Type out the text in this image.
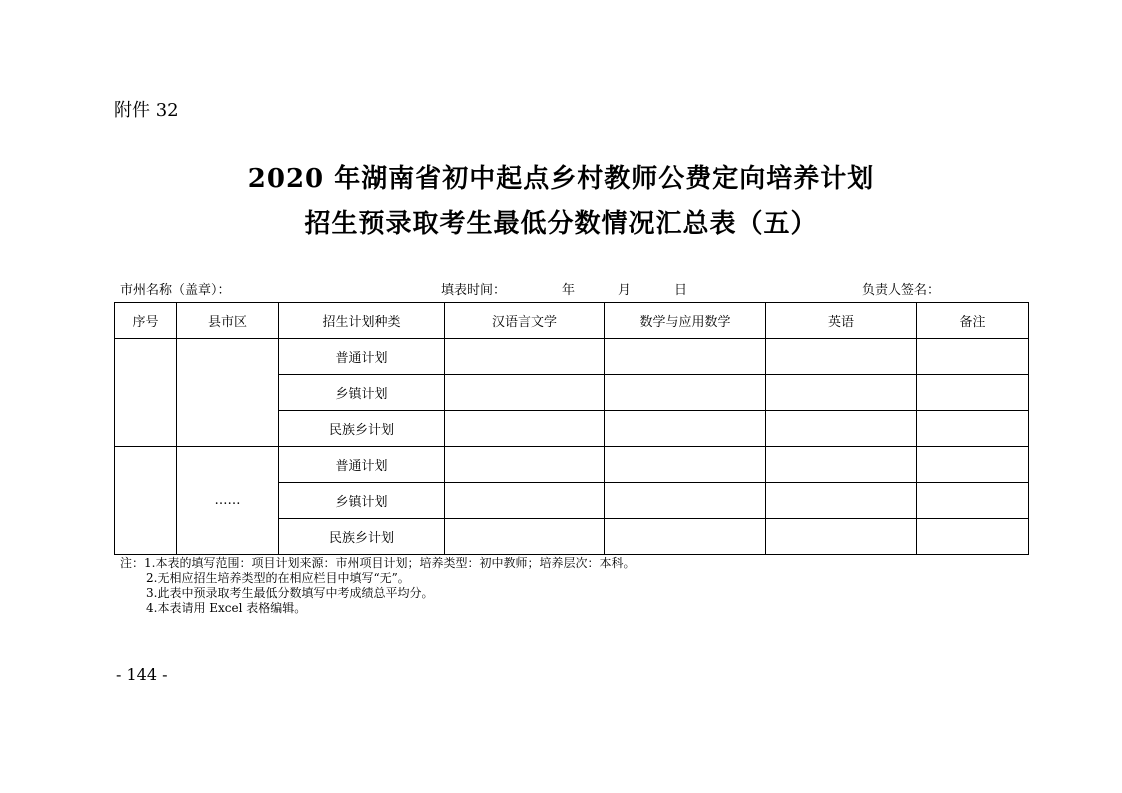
附件 32
2020 年湖南省初中起点乡村教师公费定向培养计划
招生预录取考生最低分数情况汇总表（五）
市州名称（盖章）：	填表时间：	年	月	日	负责人签名：
序号	县市区	招生计划种类	汉语言文学	数学与应用数学	英语	备注
		普通计划				
		乡镇计划				
		民族乡计划				
	……	普通计划				
		乡镇计划				
		民族乡计划				
注：1.本表的填写范围：项目计划来源：市州项目计划；培养类型：初中教师；培养层次：本科。
2.无相应招生培养类型的在相应栏目中填写“无”。
3.此表中预录取考生最低分数填写中考成绩总平均分。
4.本表请用 Excel 表格编辑。
- 144 -
